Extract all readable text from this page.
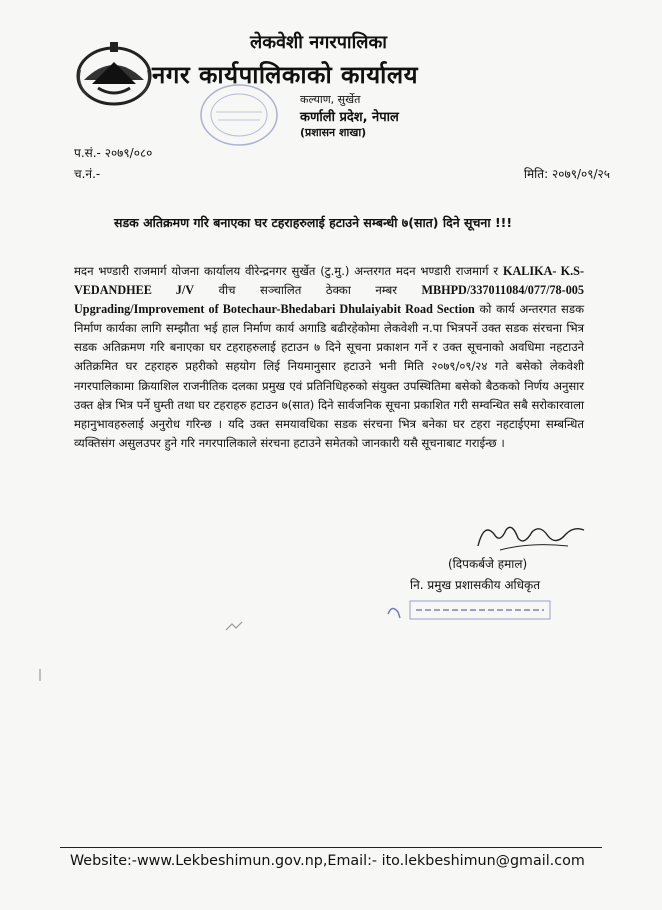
लेकवेशी नगरपालिका
नगर कार्यपालिकाको कार्यालय
कल्याण, सुर्खेत
कर्णाली प्रदेश, नेपाल
(प्रशासन शाखा)
प.सं.- २०७९/०८०
च.नं.-	मिति: २०७९/०९/२५
सडक अतिक्रमण गरि बनाएका घर टहराहरुलाई हटाउने सम्बन्धी ७(सात) दिने सूचना !!!
मदन भण्डारी राजमार्ग योजना कार्यालय वीरेन्द्रनगर सुर्खेत (टु.मु.) अन्तरगत मदन भण्डारी राजमार्ग र KALIKA- K.S- VEDANDHEE J/V वीच सञ्चालित ठेक्का नम्बर MBHPD/337011084/077/78-005 Upgrading/Improvement of Botechaur-Bhedabari Dhulaiyabit Road Section को कार्य अन्तरगत सडक निर्माण कार्यका लागि सम्झौता भई हाल निर्माण कार्य अगाडि बढीरहेकोमा लेकवेशी न.पा भित्रपर्ने उक्त सडक संरचना भित्र सडक अतिक्रमण गरि बनाएका घर टहराहरुलाई हटाउन ७ दिने सूचना प्रकाशन गर्ने र उक्त सूचनाको अवधिमा नहटाउने अतिक्रमित घर टहराहरु प्रहरीको सहयोग लिई नियमानुसार हटाउने भनी मिति २०७९/०९/२४ गते बसेको लेकवेशी नगरपालिकामा क्रियाशिल राजनीतिक दलका प्रमुख एवं प्रतिनिधिहरुको संयुक्त उपस्थितिमा बसेको बैठकको निर्णय अनुसार उक्त क्षेत्र भित्र पर्ने घुम्ती तथा घर टहराहरु हटाउन ७(सात) दिने सार्वजनिक सूचना प्रकाशित गरी सम्वन्धित सबै सरोकारवाला महानुभावहरुलाई अनुरोध गरिन्छ । यदि उक्त समयावधिका सडक संरचना भित्र बनेका घर टहरा नहटाईएमा सम्बन्धित व्यक्तिसंग असुलउपर हुने गरि नगरपालिकाले संरचना हटाउने समेतको जानकारी यसै सूचनाबाट गराईन्छ ।
(दिपकर्बजे हमाल)
नि. प्रमुख प्रशासकीय अधिकृत
Website:-www.Lekbeshimun.gov.np,Email:- ito.lekbeshimun@gmail.com
